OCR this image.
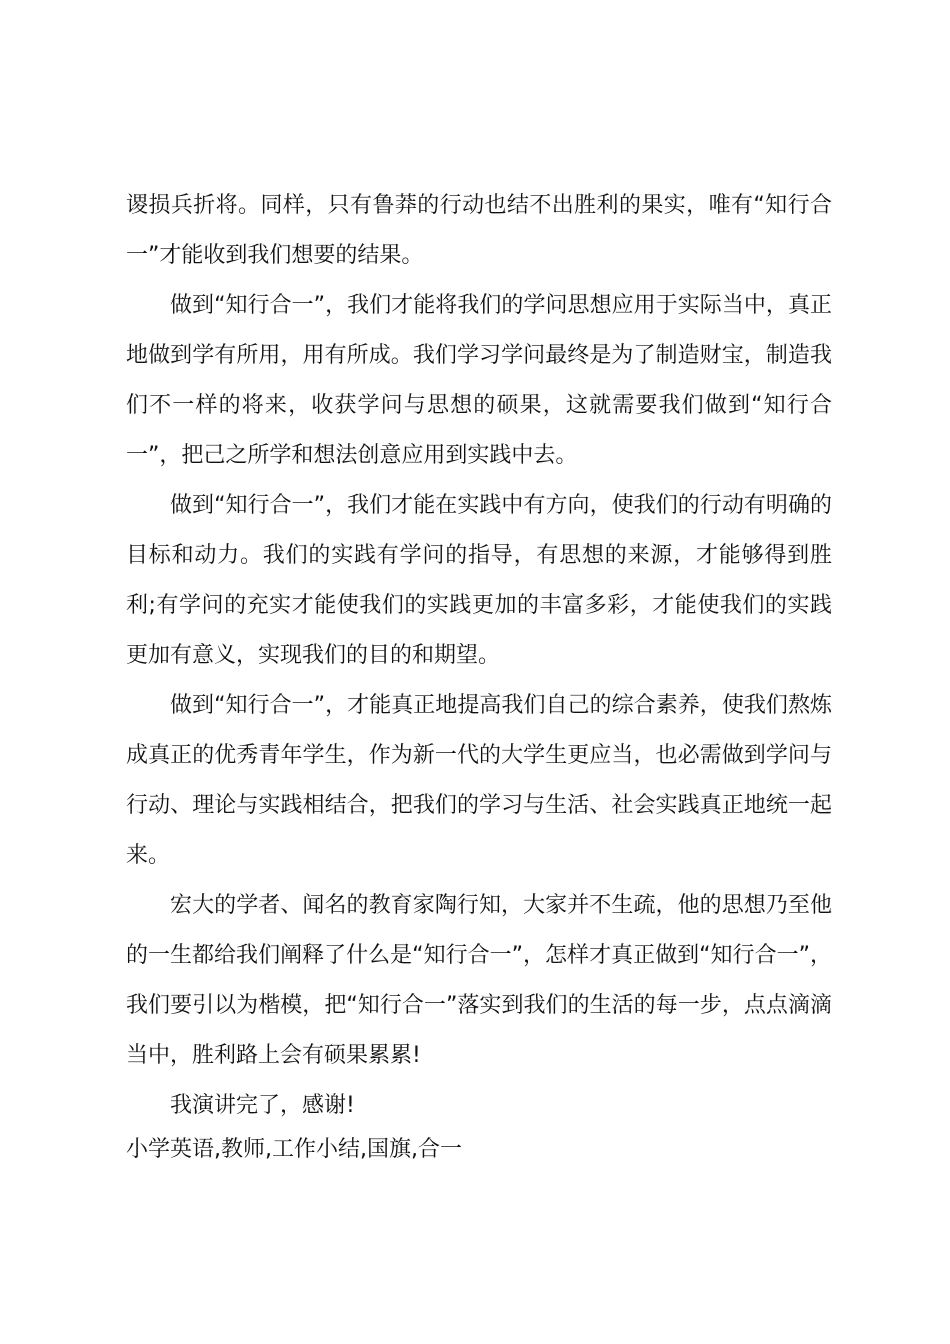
谡损兵折将。同样，只有鲁莽的行动也结不出胜利的果实，唯有“知行合一”才能收到我们想要的结果。

做到“知行合一”，我们才能将我们的学问思想应用于实际当中，真正地做到学有所用，用有所成。我们学习学问最终是为了制造财宝，制造我们不一样的将来，收获学问与思想的硕果，这就需要我们做到“知行合一”，把己之所学和想法创意应用到实践中去。

做到“知行合一”，我们才能在实践中有方向，使我们的行动有明确的目标和动力。我们的实践有学问的指导，有思想的来源，才能够得到胜利;有学问的充实才能使我们的实践更加的丰富多彩，才能使我们的实践更加有意义，实现我们的目的和期望。

做到“知行合一”，才能真正地提高我们自己的综合素养，使我们熬炼成真正的优秀青年学生，作为新一代的大学生更应当，也必需做到学问与行动、理论与实践相结合，把我们的学习与生活、社会实践真正地统一起来。

宏大的学者、闻名的教育家陶行知，大家并不生疏，他的思想乃至他的一生都给我们阐释了什么是“知行合一”，怎样才真正做到“知行合一”，我们要引以为楷模，把“知行合一”落实到我们的生活的每一步，点点滴滴当中，胜利路上会有硕果累累!

我演讲完了，感谢!

小学英语,教师,工作小结,国旗,合一
